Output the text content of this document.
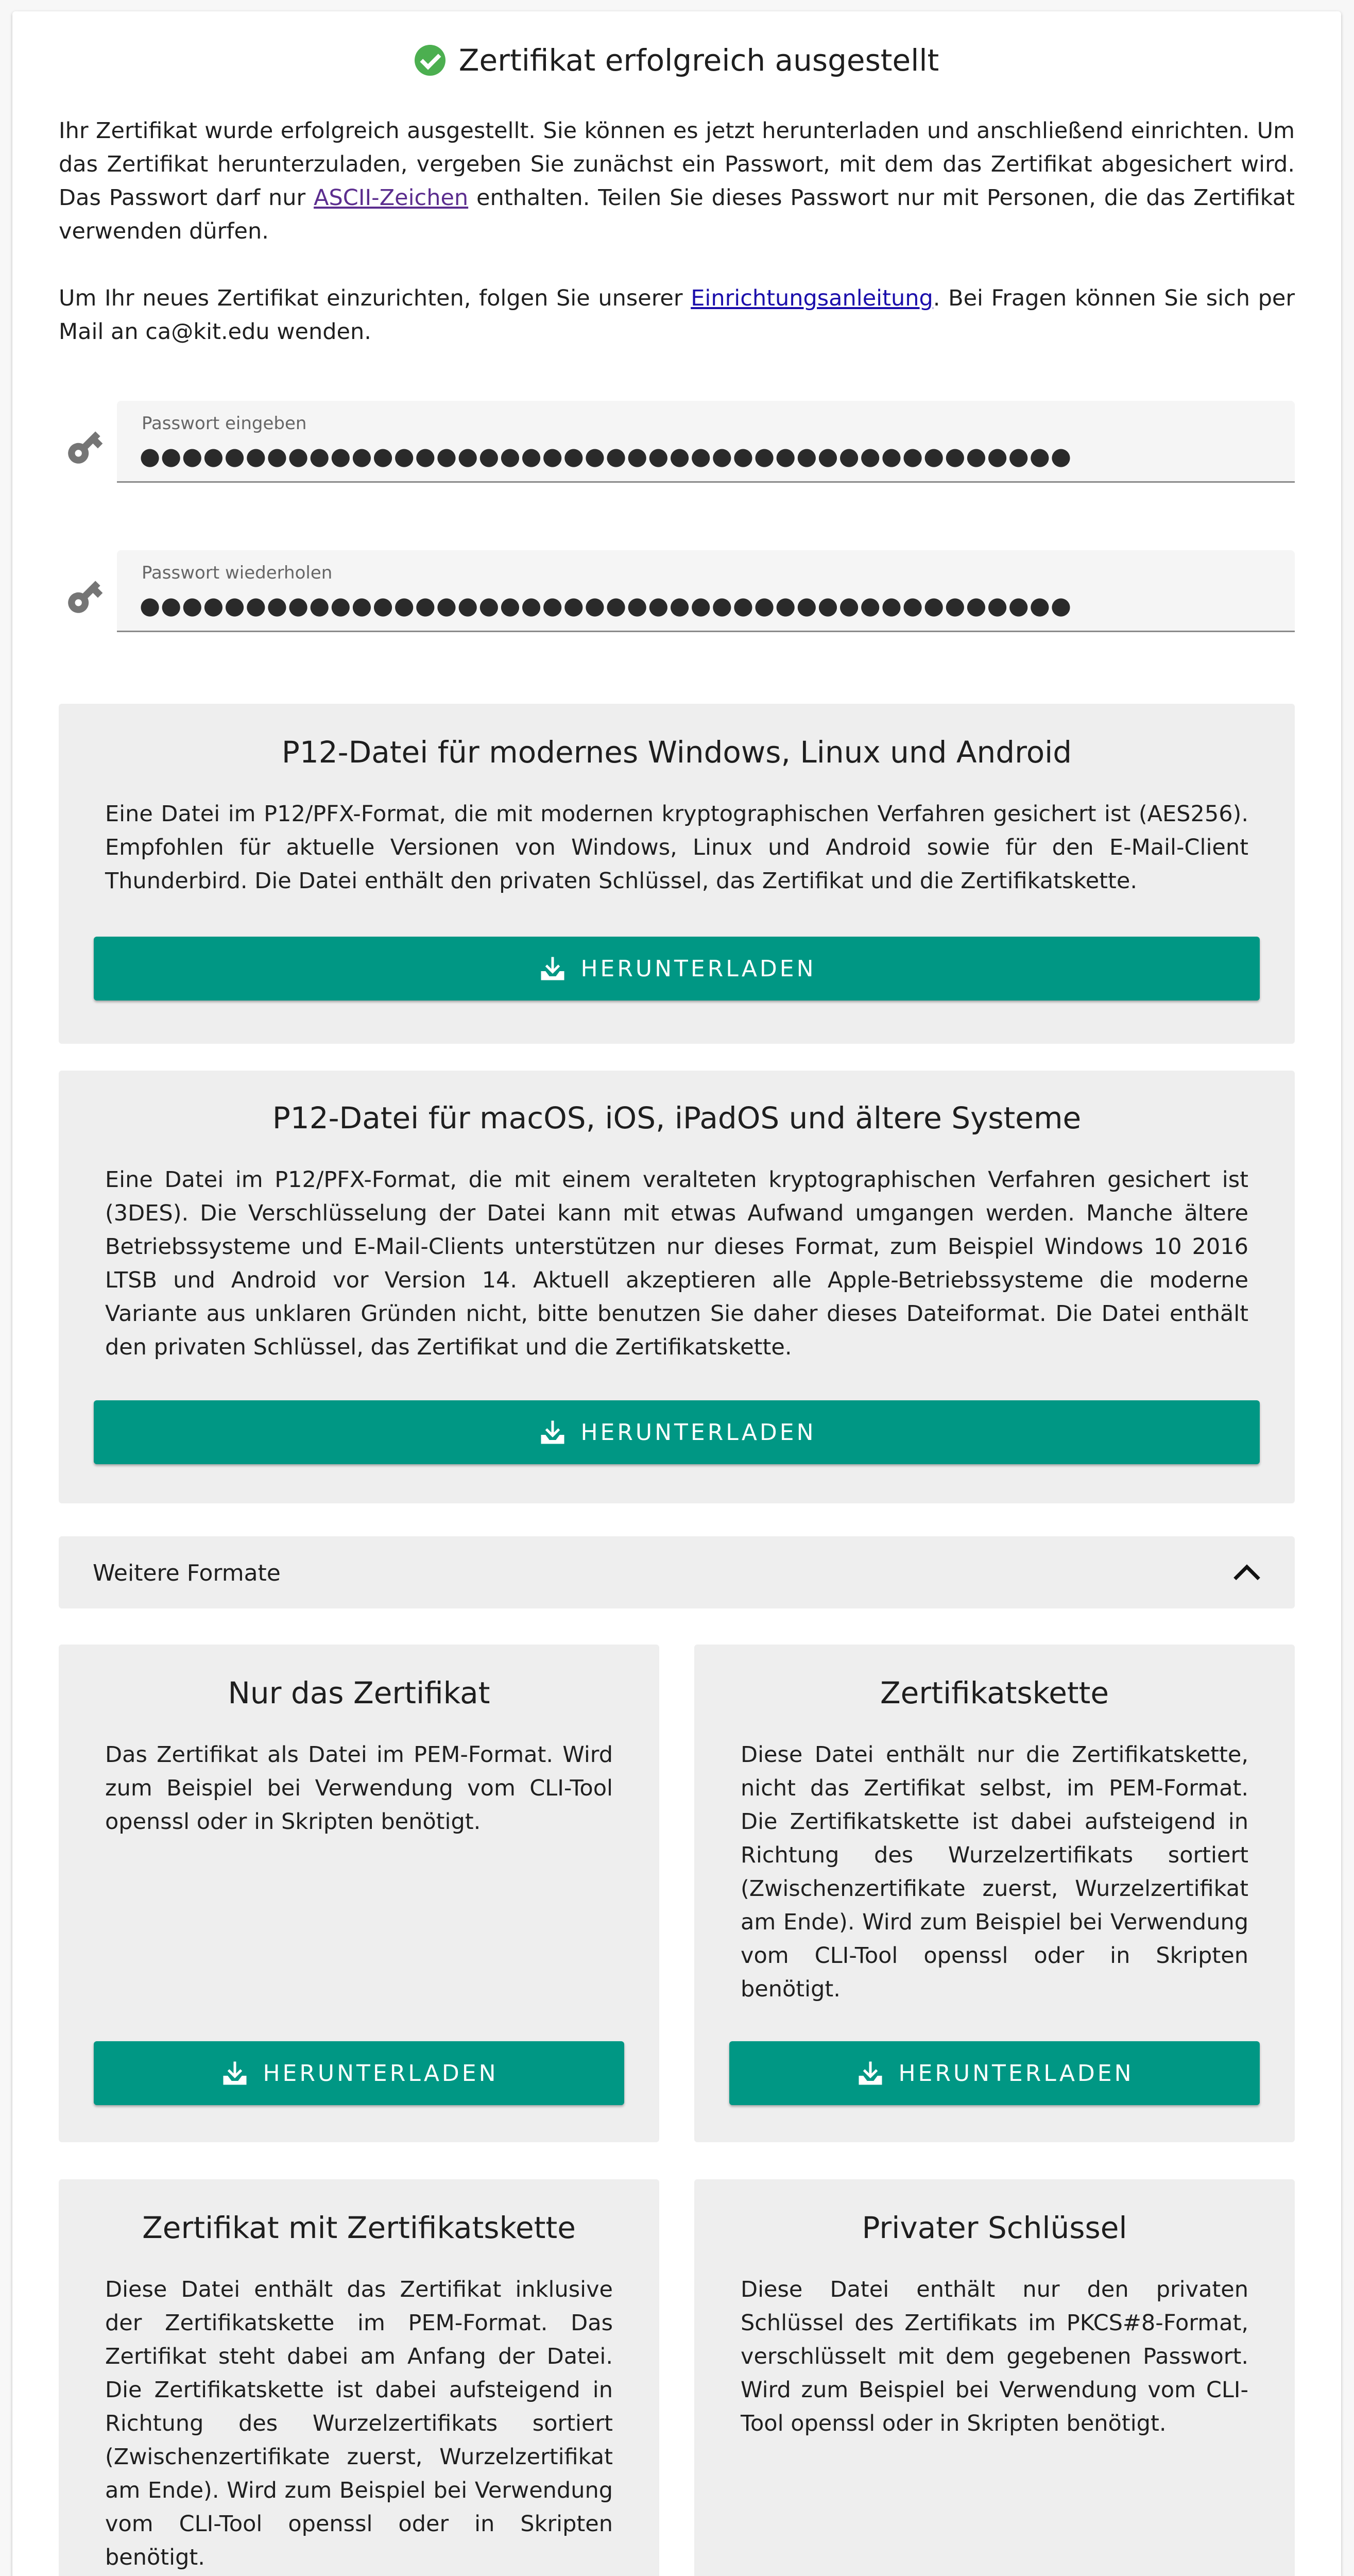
Zertifikat erfolgreich ausgestellt

Ihr Zertifikat wurde erfolgreich ausgestellt. Sie können es jetzt herunterladen und anschließend einrichten. Um das Zertifikat herunterzuladen, vergeben Sie zunächst ein Passwort, mit dem das Zertifikat abgesichert wird. Das Passwort darf nur ASCII-Zeichen enthalten. Teilen Sie dieses Passwort nur mit Personen, die das Zertifikat verwenden dürfen.

Um Ihr neues Zertifikat einzurichten, folgen Sie unserer Einrichtungsanleitung. Bei Fragen können Sie sich per Mail an ca@kit.edu wenden.

Passwort eingeben
●●●●●●●●●●●●●●●●●●●●●●●●●●●●●●●●●●●●●●●●●●●●
Passwort wiederholen
●●●●●●●●●●●●●●●●●●●●●●●●●●●●●●●●●●●●●●●●●●●●
P12-Datei für modernes Windows, Linux und Android
Eine Datei im P12/PFX-Format, die mit modernen kryptographischen Verfahren gesichert ist (AES256). Empfohlen für aktuelle Versionen von Windows, Linux und Android sowie für den E-Mail-Client Thunderbird. Die Datei enthält den privaten Schlüssel, das Zertifikat und die Zertifikatskette.
HERUNTERLADEN
P12-Datei für macOS, iOS, iPadOS und ältere Systeme
Eine Datei im P12/PFX-Format, die mit einem veralteten kryptographischen Verfahren gesichert ist (3DES). Die Verschlüsselung der Datei kann mit etwas Aufwand umgangen werden. Manche ältere Betriebssysteme und E-Mail-Clients unterstützen nur dieses Format, zum Beispiel Windows 10 2016 LTSB und Android vor Version 14. Aktuell akzeptieren alle Apple-Betriebssysteme die moderne Variante aus unklaren Gründen nicht, bitte benutzen Sie daher dieses Dateiformat. Die Datei enthält den privaten Schlüssel, das Zertifikat und die Zertifikatskette.
HERUNTERLADEN
Weitere Formate
Nur das Zertifikat
Das Zertifikat als Datei im PEM-Format. Wird zum Beispiel bei Verwendung vom CLI-Tool openssl oder in Skripten benötigt.
HERUNTERLADEN
Zertifikatskette
Diese Datei enthält nur die Zertifikatskette, nicht das Zertifikat selbst, im PEM-Format. Die Zertifikatskette ist dabei aufsteigend in Richtung des Wurzelzertifikats sortiert (Zwischenzertifikate zuerst, Wurzelzertifikat am Ende). Wird zum Beispiel bei Verwendung vom CLI-Tool openssl oder in Skripten benötigt.
HERUNTERLADEN
Zertifikat mit Zertifikatskette
Diese Datei enthält das Zertifikat inklusive der Zertifikatskette im PEM-Format. Das Zertifikat steht dabei am Anfang der Datei. Die Zertifikatskette ist dabei aufsteigend in Richtung des Wurzelzertifikats sortiert (Zwischenzertifikate zuerst, Wurzelzertifikat am Ende). Wird zum Beispiel bei Verwendung vom CLI-Tool openssl oder in Skripten benötigt.
Privater Schlüssel
Diese Datei enthält nur den privaten Schlüssel des Zertifikats im PKCS#8-Format, verschlüsselt mit dem gegebenen Passwort. Wird zum Beispiel bei Verwendung vom CLI-Tool openssl oder in Skripten benötigt.
